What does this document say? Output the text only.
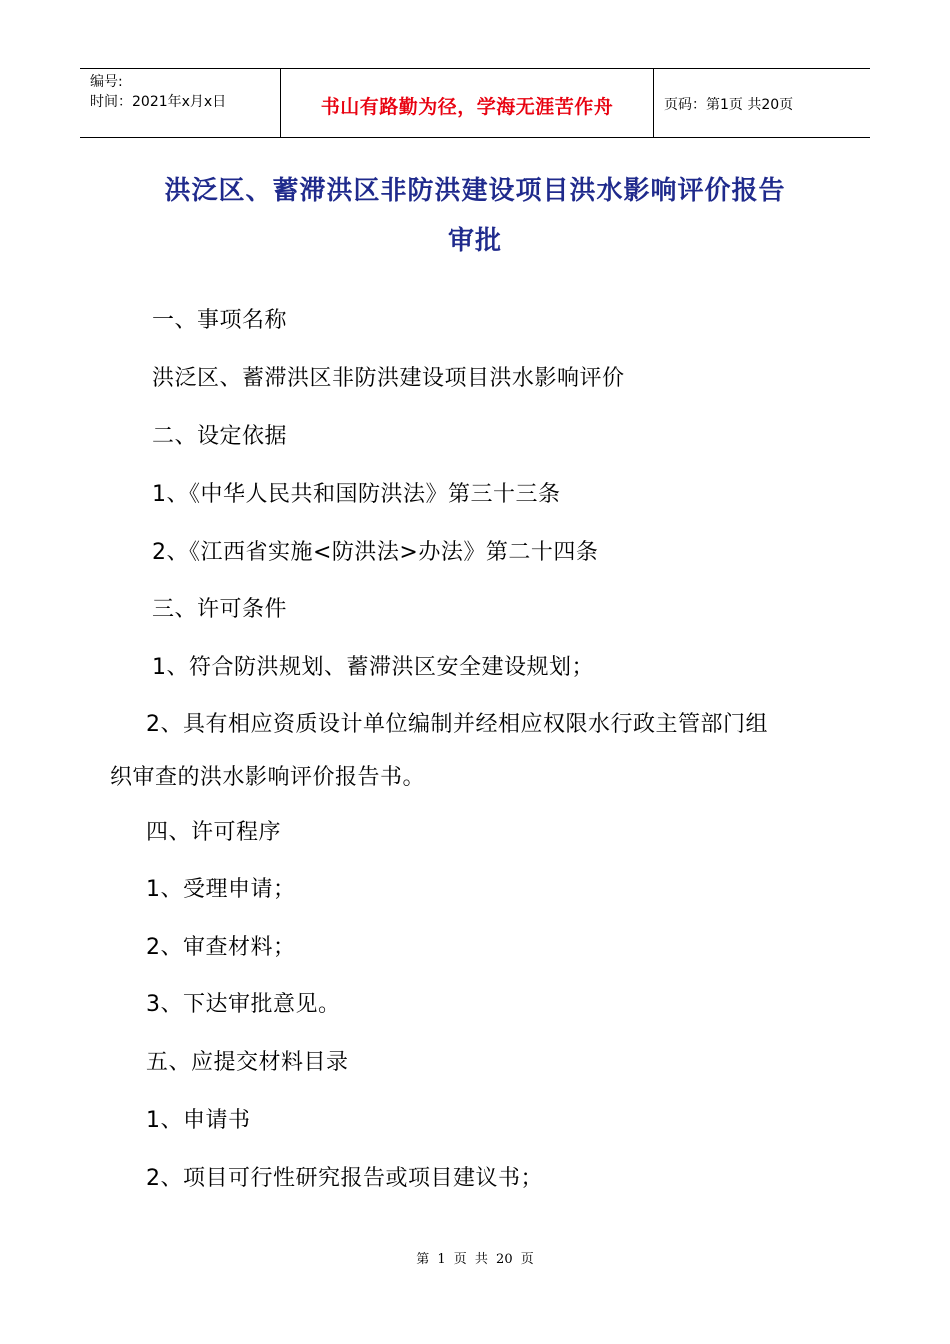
编号:
时间：2021年x月x日	书山有路勤为径，学海无涯苦作舟	页码：第1页 共20页
洪泛区、蓄滞洪区非防洪建设项目洪水影响评价报告
审批
一、事项名称
洪泛区、蓄滞洪区非防洪建设项目洪水影响评价
二、设定依据
1、《中华人民共和国防洪法》第三十三条
2、《江西省实施<防洪法>办法》第二十四条
三、许可条件
1、符合防洪规划、蓄滞洪区安全建设规划；
2、具有相应资质设计单位编制并经相应权限水行政主管部门组
织审查的洪水影响评价报告书。
四、许可程序
1、受理申请；
2、审查材料；
3、下达审批意见。
五、应提交材料目录
1、申请书
2、项目可行性研究报告或项目建议书；
第 1 页 共 20 页
